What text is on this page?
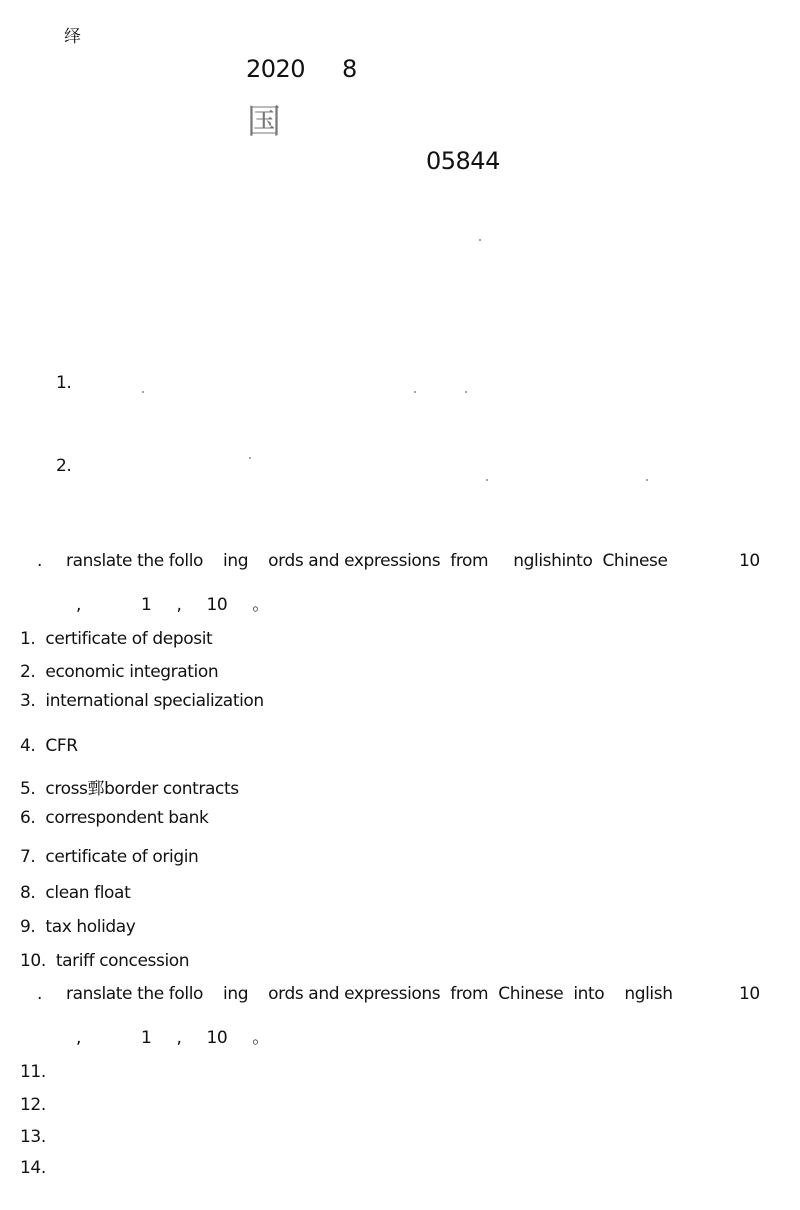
绎
2020 8
国
05844
1.
2.
. ranslate the follo    ing    ords and expressions  from     nglishinto  Chinese	10
,            1     ,     10     。
1.  certificate of deposit
2.  economic integration
3.  international specialization
4.  CFR
5.  cross鄄border contracts
6.  correspondent bank
7.  certificate of origin
8.  clean float
9.  tax holiday
10.  tariff concession
. ranslate the follo    ing    ords and expressions  from  Chinese  into    nglish	10
,            1     ,     10     。
11.
12.
13.
14.
